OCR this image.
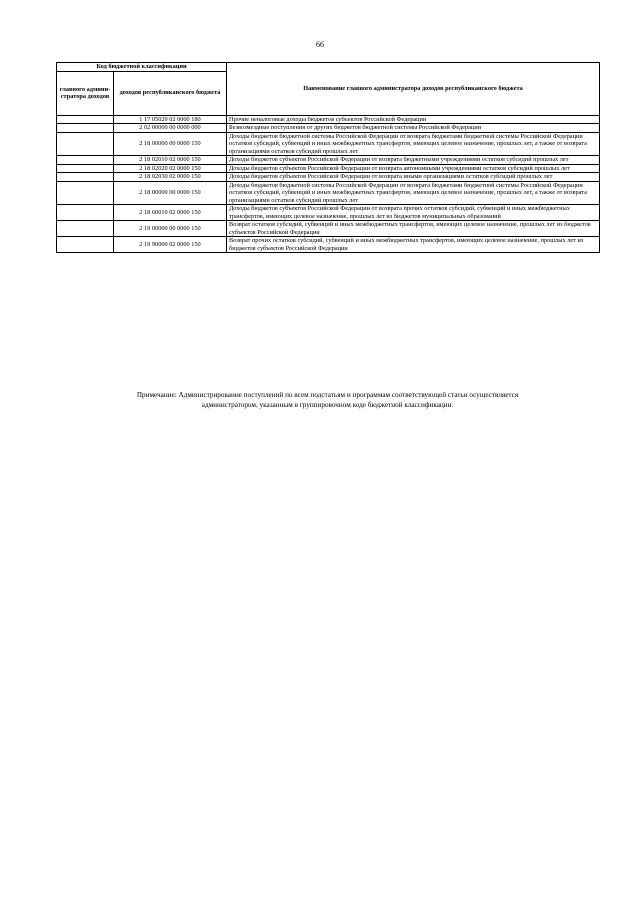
66
Код бюджетной классификации		Наименование главного администратора доходов республиканского бюджета
главного админи-стратора доходов	доходов республиканского бюджета	
	1 17 05020 02 0000 180	Прочие неналоговые доходы бюджетов субъектов Российской Федерации
	2 02 00000 00 0000 000	Безвозмездные поступления от других бюджетов бюджетной системы Российской Федерации
	2 18 00000 00 0000 150	Доходы бюджетов бюджетной системы Российской Федерации от возврата бюджетами бюджетной системы Российской Федерации остатков субсидий, субвенций и иных межбюджетных трансфертов, имеющих целевое назначение, прошлых лет, а также от возврата организациями остатков субсидий прошлых лет
	2 18 02010 02 0000 150	Доходы бюджетов субъектов Российской Федерации от возврата бюджетными учреждениями остатков субсидий прошлых лет
	2 18 02020 02 0000 150	Доходы бюджетов субъектов Российской Федерации от возврата автономными учреждениями остатков субсидий прошлых лет
	2 18 02030 02 0000 150	Доходы бюджетов субъектов Российской Федерации от возврата иными организациями остатков субсидий прошлых лет
	2 18 00000 00 0000 150	Доходы бюджетов бюджетной системы Российской Федерации от возврата бюджетами бюджетной системы Российской Федерации остатков субсидий, субвенций и иных межбюджетных трансфертов, имеющих целевое назначение, прошлых лет, а также от возврата организациями остатков субсидий прошлых лет
	2 18 60010 02 0000 150	Доходы бюджетов субъектов Российской Федерации от возврата прочих остатков субсидий, субвенций и иных межбюджетных трансфертов, имеющих целевое назначение, прошлых лет из бюджетов муниципальных образований
	2 19 00000 00 0000 150	Возврат остатков субсидий, субвенций и иных межбюджетных трансфертов, имеющих целевое назначение, прошлых лет из бюджетов субъектов Российской Федерации
	2 19 90000 02 0000 150	Возврат прочих остатков субсидий, субвенций и иных межбюджетных трансфертов, имеющих целевое назначение, прошлых лет из бюджетов субъектов Российской Федерации
Примечание: Администрирование поступлений по всем подстатьям и программам соответствующей статьи осуществляется
администратором, указанным в группировочном коде бюджетной классификации.
